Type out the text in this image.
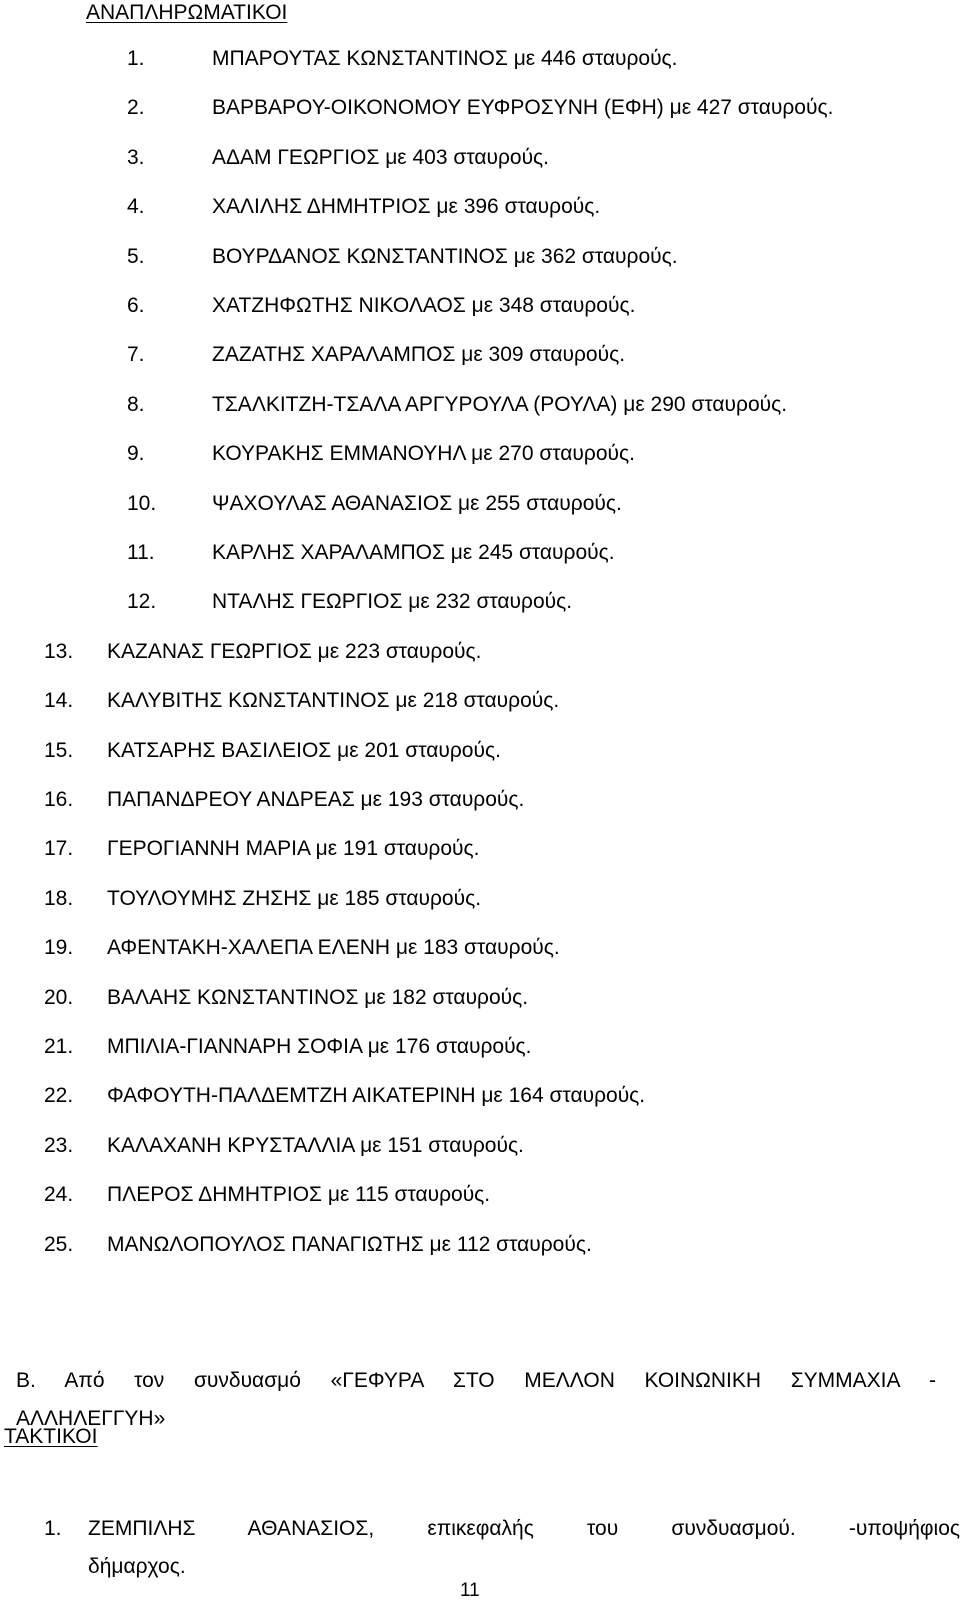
ΑΝΑΠΛΗΡΩΜΑΤΙΚΟΙ
1.	ΜΠΑΡΟΥΤΑΣ ΚΩΝΣΤΑΝΤΙΝΟΣ με 446 σταυρούς.
2.	ΒΑΡΒΑΡΟΥ-ΟΙΚΟΝΟΜΟΥ ΕΥΦΡΟΣΥΝΗ (ΕΦΗ) με 427 σταυρούς.
3.	ΑΔΑΜ ΓΕΩΡΓΙΟΣ με 403 σταυρούς.
4.	ΧΑΛΙΛΗΣ ΔΗΜΗΤΡΙΟΣ με 396 σταυρούς.
5.	ΒΟΥΡΔΑΝΟΣ ΚΩΝΣΤΑΝΤΙΝΟΣ με 362 σταυρούς.
6.	ΧΑΤΖΗΦΩΤΗΣ ΝΙΚΟΛΑΟΣ με 348 σταυρούς.
7.	ΖΑΖΑΤΗΣ ΧΑΡΑΛΑΜΠΟΣ με 309 σταυρούς.
8.	ΤΣΑΛΚΙΤΖΗ-ΤΣΑΛΑ ΑΡΓΥΡΟΥΛΑ (ΡΟΥΛΑ) με 290 σταυρούς.
9.	ΚΟΥΡΑΚΗΣ ΕΜΜΑΝΟΥΗΛ με 270 σταυρούς.
10.	ΨΑΧΟΥΛΑΣ ΑΘΑΝΑΣΙΟΣ με 255 σταυρούς.
11.	ΚΑΡΛΗΣ ΧΑΡΑΛΑΜΠΟΣ με 245 σταυρούς.
12.	ΝΤΑΛΗΣ ΓΕΩΡΓΙΟΣ με 232 σταυρούς.
13. ΚΑΖΑΝΑΣ ΓΕΩΡΓΙΟΣ με 223 σταυρούς.
14. ΚΑΛΥΒΙΤΗΣ ΚΩΝΣΤΑΝΤΙΝΟΣ με 218 σταυρούς.
15. ΚΑΤΣΑΡΗΣ ΒΑΣΙΛΕΙΟΣ με 201 σταυρούς.
16. ΠΑΠΑΝΔΡΕΟΥ ΑΝΔΡΕΑΣ με 193 σταυρούς.
17. ΓΕΡΟΓΙΑΝΝΗ ΜΑΡΙΑ με 191 σταυρούς.
18. ΤΟΥΛΟΥΜΗΣ ΖΗΣΗΣ με 185 σταυρούς.
19. ΑΦΕΝΤΑΚΗ-ΧΑΛΕΠΑ ΕΛΕΝΗ με 183 σταυρούς.
20. ΒΑΛΑΗΣ ΚΩΝΣΤΑΝΤΙΝΟΣ με 182 σταυρούς.
21. ΜΠΙΛΙΑ-ΓΙΑΝΝΑΡΗ ΣΟΦΙΑ με 176 σταυρούς.
22. ΦΑΦΟΥΤΗ-ΠΑΛΔΕΜΤΖΗ ΑΙΚΑΤΕΡΙΝΗ με 164 σταυρούς.
23. ΚΑΛΑΧΑΝΗ ΚΡΥΣΤΑΛΛΙΑ με 151 σταυρούς.
24. ΠΛΕΡΟΣ ΔΗΜΗΤΡΙΟΣ με 115 σταυρούς.
25. ΜΑΝΩΛΟΠΟΥΛΟΣ ΠΑΝΑΓΙΩΤΗΣ με 112 σταυρούς.
Β. Από τον συνδυασμό «ΓΕΦΥΡΑ ΣΤΟ ΜΕΛΛΟΝ ΚΟΙΝΩΝΙΚΗ ΣΥΜΜΑΧΙΑ -
ΑΛΛΗΛΕΓΓΥΗ»
ΤΑΚΤΙΚΟΙ
1. ΖΕΜΠΙΛΗΣ ΑΘΑΝΑΣΙΟΣ, επικεφαλής του συνδυασμού. -υποψήφιος
δήμαρχος.
11
